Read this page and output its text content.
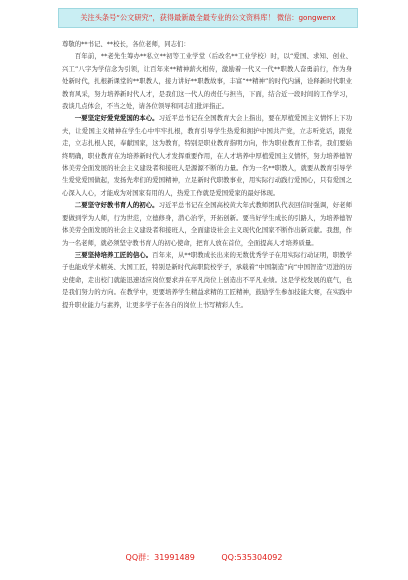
关注头条号“公文研究”，获得最新最全最专业的公文资料库！ 微信：gongwenx

尊敬的**书记、**校长，各位老师，同志们：

百年前，**老先生筹办**私立**初等工业学堂（后改名**工业学校）时，以“爱国、求知、创业、兴工”八字为学信念为引领，让百年来**精神薪火相传，激励着一代又一代**职教人奋勇前行，作为身处新时代，扎根新课堂的**职教人，接力讲好**职教故事，丰富“**精神”的时代内涵，诠释新时代职业教育风采，努力培养新时代人才，是我们这一代人的责任与担当，下面，结合近一段时间的工作学习，我谈几点体会，不当之处，请各位领导和同志们批评指正。

一要坚定好爱党爱国的本心。习近平总书记在全国教育大会上指出，要在厚植爱国主义情怀上下功夫，让爱国主义精神在学生心中牢牢扎根，教育引导学生热爱和拥护中国共产党，立志听党话，跟党走，立志扎根人民，奉献国家，这为教育，特别是职业教育指明方向，作为职业教育工作者，我们要始终明确，职业教育在为培养新时代人才发挥重要作用，在人才培养中厚植爱国主义情怀，努力培养德智体美劳全面发展的社会主义建设者和接班人是源源不断的力量。作为一名**职教人，就要从教育引导学生爱党爱国做起，发扬先辈们的爱国精神，立足新时代职教事业，用实际行动践行爱国心，只有爱国之心深入人心，才能成为对国家有用的人，热爱工作就是爱国爱家的最好体现。

二要坚守好教书育人的初心。习近平总书记在全国高校黄大年式教师团队代表回信时强调，好老师要做到学为人师，行为世范，立德修身，潜心治学，开拓创新。要当好学生成长的引路人，为培养德智体美劳全面发展的社会主义建设者和接班人，全面建设社会主义现代化国家不断作出新贡献。我想，作为一名老师，就必须坚守教书育人的初心使命，把育人放在首位，全面提高人才培养质量。

三要坚持培养工匠的信心。百年来，从**职教成长出来的无数优秀学子在用实际行动证明，职教学子也能成学术精英、大国工匠，特别是新时代高职院校学子，承载着“中国制造”向“中国智造”迈进的历史使命，走出校门就能迅速适应岗位要求并在平凡岗位上创造出不平凡业绩。这是学校发展的底气，也是我们努力的方向。在教学中，更要培养学生精益求精的工匠精神，鼓励学生参加技能大赛，在实践中提升职业能力与素养，让更多学子在各自的岗位上书写精彩人生。

QQ群：31991489	QQ:535304092
